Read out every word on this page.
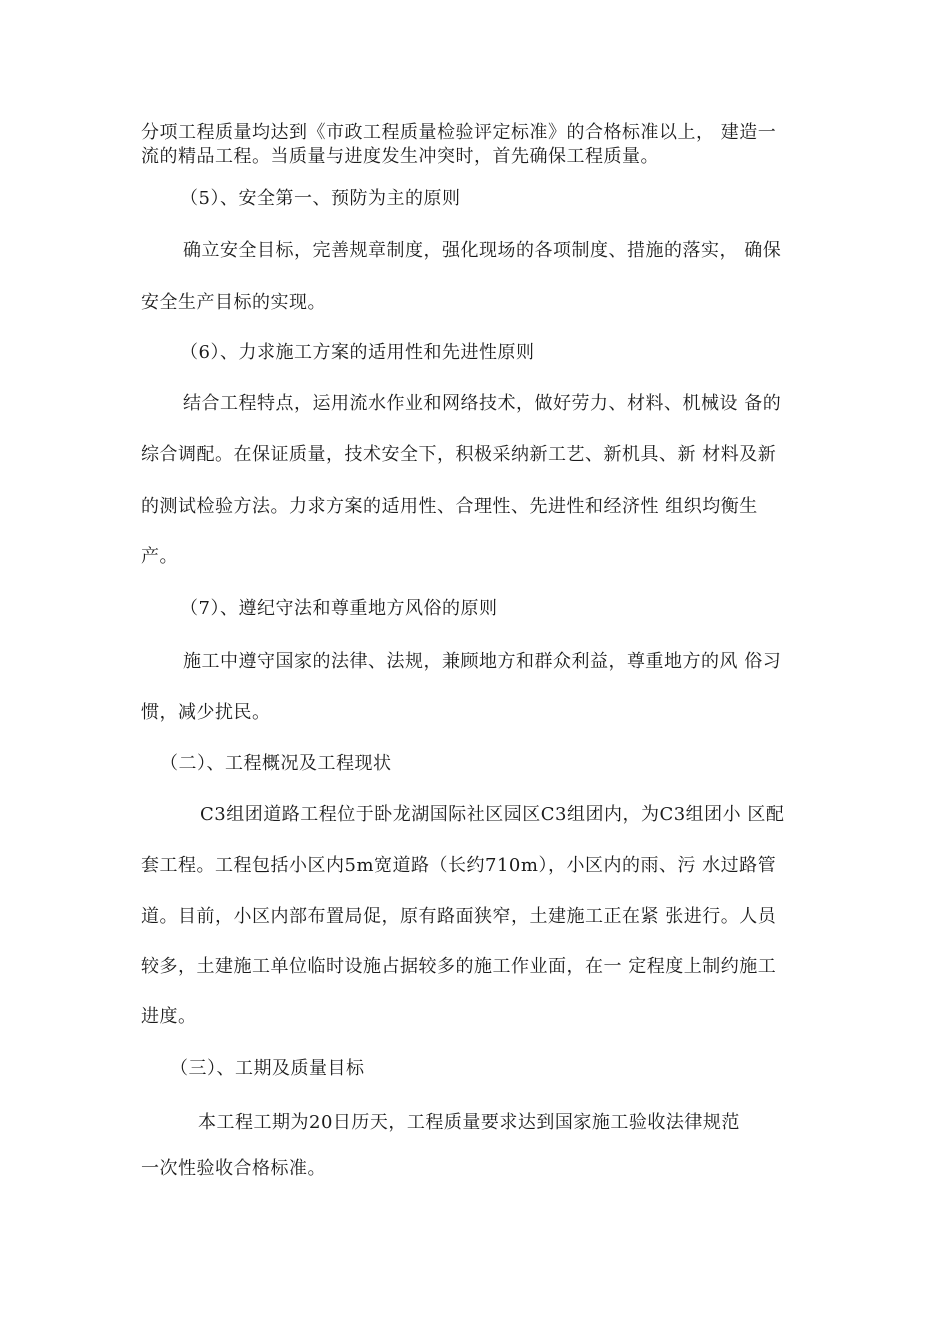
分项工程质量均达到《市政工程质量检验评定标准》的合格标准以上， 建造一
流的精品工程。当质量与进度发生冲突时，首先确保工程质量。
（5）、安全第一、预防为主的原则
确立安全目标，完善规章制度，强化现场的各项制度、措施的落实， 确保
安全生产目标的实现。
（6）、力求施工方案的适用性和先进性原则
结合工程特点，运用流水作业和网络技术，做好劳力、材料、机械设 备的
综合调配。在保证质量，技术安全下，积极采纳新工艺、新机具、新 材料及新
的测试检验方法。力求方案的适用性、合理性、先进性和经济性 组织均衡生
产。
（7）、遵纪守法和尊重地方风俗的原则
施工中遵守国家的法律、法规，兼顾地方和群众利益，尊重地方的风 俗习
惯，减少扰民。
（二）、工程概况及工程现状
C3组团道路工程位于卧龙湖国际社区园区C3组团内，为C3组团小 区配
套工程。工程包括小区内5m宽道路（长约710m），小区内的雨、污 水过路管
道。目前，小区内部布置局促，原有路面狭窄，土建施工正在紧 张进行。人员
较多，土建施工单位临时设施占据较多的施工作业面，在一 定程度上制约施工
进度。
（三）、工期及质量目标
本工程工期为20日历天，工程质量要求达到国家施工验收法律规范
一次性验收合格标准。
